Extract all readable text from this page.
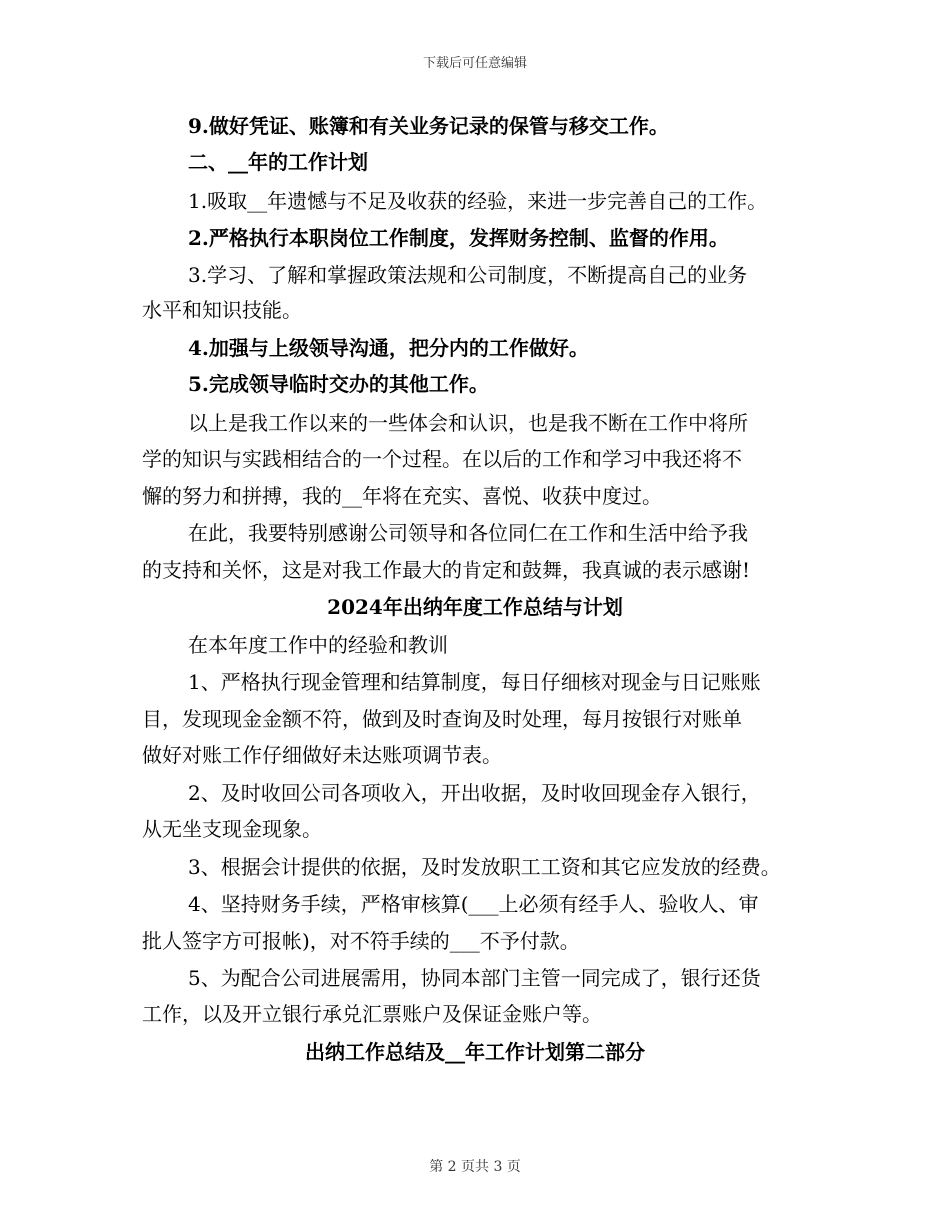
下载后可任意编辑
9.做好凭证、账簿和有关业务记录的保管与移交工作。
二、__年的工作计划
1.吸取__年遗憾与不足及收获的经验，来进一步完善自己的工作。
2.严格执行本职岗位工作制度，发挥财务控制、监督的作用。
3.学习、了解和掌握政策法规和公司制度，不断提高自己的业务
水平和知识技能。
4.加强与上级领导沟通，把分内的工作做好。
5.完成领导临时交办的其他工作。
以上是我工作以来的一些体会和认识，也是我不断在工作中将所
学的知识与实践相结合的一个过程。在以后的工作和学习中我还将不
懈的努力和拼搏，我的__年将在充实、喜悦、收获中度过。
在此，我要特别感谢公司领导和各位同仁在工作和生活中给予我
的支持和关怀，这是对我工作最大的肯定和鼓舞，我真诚的表示感谢!
2024年出纳年度工作总结与计划
在本年度工作中的经验和教训
1、严格执行现金管理和结算制度，每日仔细核对现金与日记账账
目，发现现金金额不符，做到及时查询及时处理，每月按银行对账单
做好对账工作仔细做好未达账项调节表。
2、及时收回公司各项收入，开出收据，及时收回现金存入银行，
从无坐支现金现象。
3、根据会计提供的依据，及时发放职工工资和其它应发放的经费。
4、坚持财务手续，严格审核算(___上必须有经手人、验收人、审
批人签字方可报帐)，对不符手续的___不予付款。
5、为配合公司进展需用，协同本部门主管一同完成了，银行还货
工作，以及开立银行承兑汇票账户及保证金账户等。
出纳工作总结及__年工作计划第二部分
第 2 页共 3 页
